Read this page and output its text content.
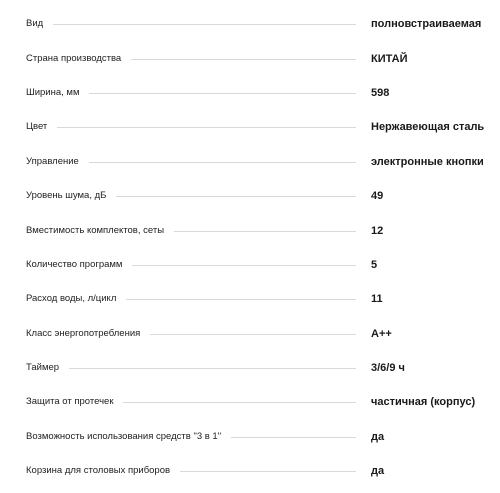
Вид	полновстраиваемая
Страна производства	КИТАЙ
Ширина, мм	598
Цвет	Нержавеющая сталь
Управление	электронные кнопки
Уровень шума, дБ	49
Вместимость комплектов, сеты	12
Количество программ	5
Расход воды, л/цикл	11
Класс энергопотребления	A++
Таймер	3/6/9 ч
Защита от протечек	частичная (корпус)
Возможность использования средств "3 в 1"	да
Корзина для столовых приборов	да
